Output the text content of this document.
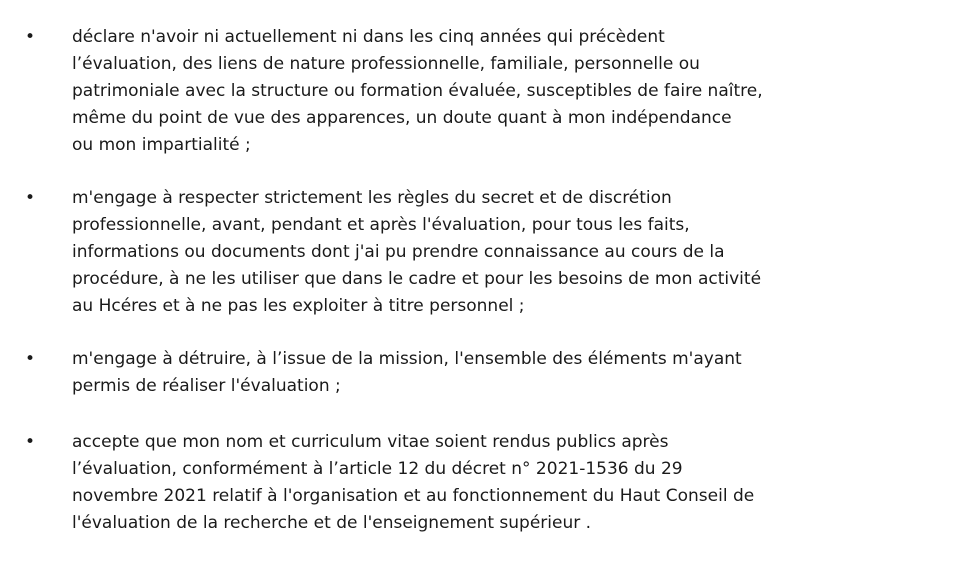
• déclare n'avoir ni actuellement ni dans les cinq années qui précèdent
l’évaluation, des liens de nature professionnelle, familiale, personnelle ou
patrimoniale avec la structure ou formation évaluée, susceptibles de faire naître,
même du point de vue des apparences, un doute quant à mon indépendance
ou mon impartialité ;
• m'engage à respecter strictement les règles du secret et de discrétion
professionnelle, avant, pendant et après l'évaluation, pour tous les faits,
informations ou documents dont j'ai pu prendre connaissance au cours de la
procédure, à ne les utiliser que dans le cadre et pour les besoins de mon activité
au Hcéres et à ne pas les exploiter à titre personnel ;
• m'engage à détruire, à l’issue de la mission, l'ensemble des éléments m'ayant
permis de réaliser l'évaluation ;
• accepte que mon nom et curriculum vitae soient rendus publics après
l’évaluation, conformément à l’article 12 du décret n° 2021-1536 du 29
novembre 2021 relatif à l'organisation et au fonctionnement du Haut Conseil de
l'évaluation de la recherche et de l'enseignement supérieur .
